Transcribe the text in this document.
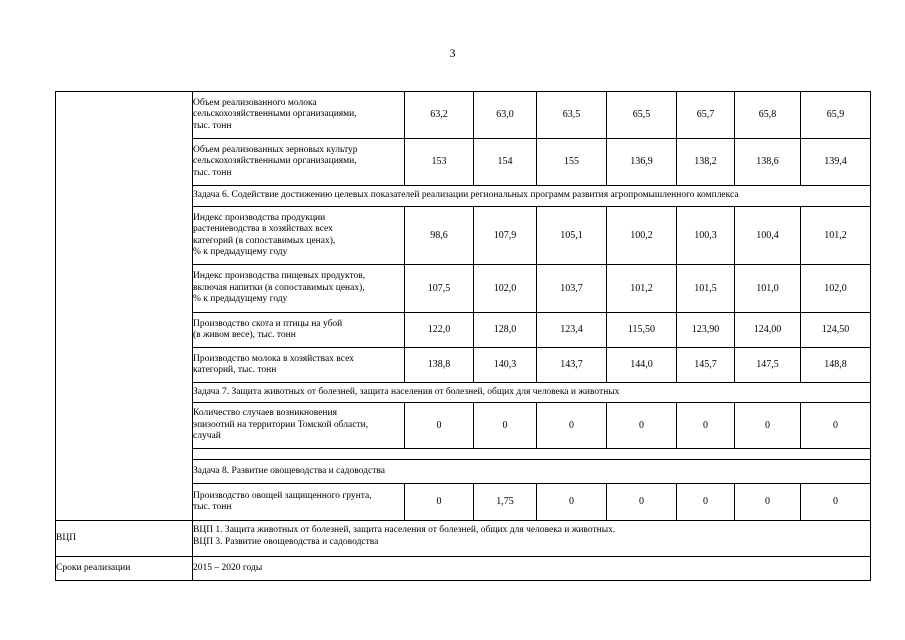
3

	Объем реализованного молока
сельскохозяйственными организациями,
тыс. тонн	63,2	63,0	63,5	65,5	65,7	65,8	65,9

	Объем реализованных зерновых культур
сельскохозяйственными организациями,
тыс. тонн	153	154	155	136,9	138,2	138,6	139,4
	Задача 6. Содействие достижению целевых показателей реализации региональных программ развития агропромышленного комплекса							

	Индекс производства продукции
растениеводства в хозяйствах всех
категорий (в сопоставимых ценах),
% к предыдущему году	98,6	107,9	105,1	100,2	100,3	100,4	101,2

	Индекс производства пищевых продуктов,
включая напитки (в сопоставимых ценах),
% к предыдущему году	107,5	102,0	103,7	101,2	101,5	101,0	102,0

	Производство скота и птицы на убой
(в живом весе), тыс. тонн	122,0	128,0	123,4	115,50	123,90	124,00	124,50

	Производство молока в хозяйствах всех
категорий, тыс. тонн	138,8	140,3	143,7	144,0	145,7	147,5	148,8
	Задача 7. Защита животных от болезней, защита населения от болезней, общих для человека и животных							

	Количество случаев возникновения
эпизоотий на территории Томской области,
случай	0	0	0	0	0	0	0

	Задача 8. Развитие овощеводства и садоводства							

	Производство овощей защищенного грунта,
тыс. тонн	0	1,75	0	0	0	0	0
ВЦП	ВЦП 1. Защита животных от болезней, защита населения от болезней, общих для человека и животных.
ВЦП 3. Развитие овощеводства и садоводства							

Сроки реализации	2015 – 2020 годы							
